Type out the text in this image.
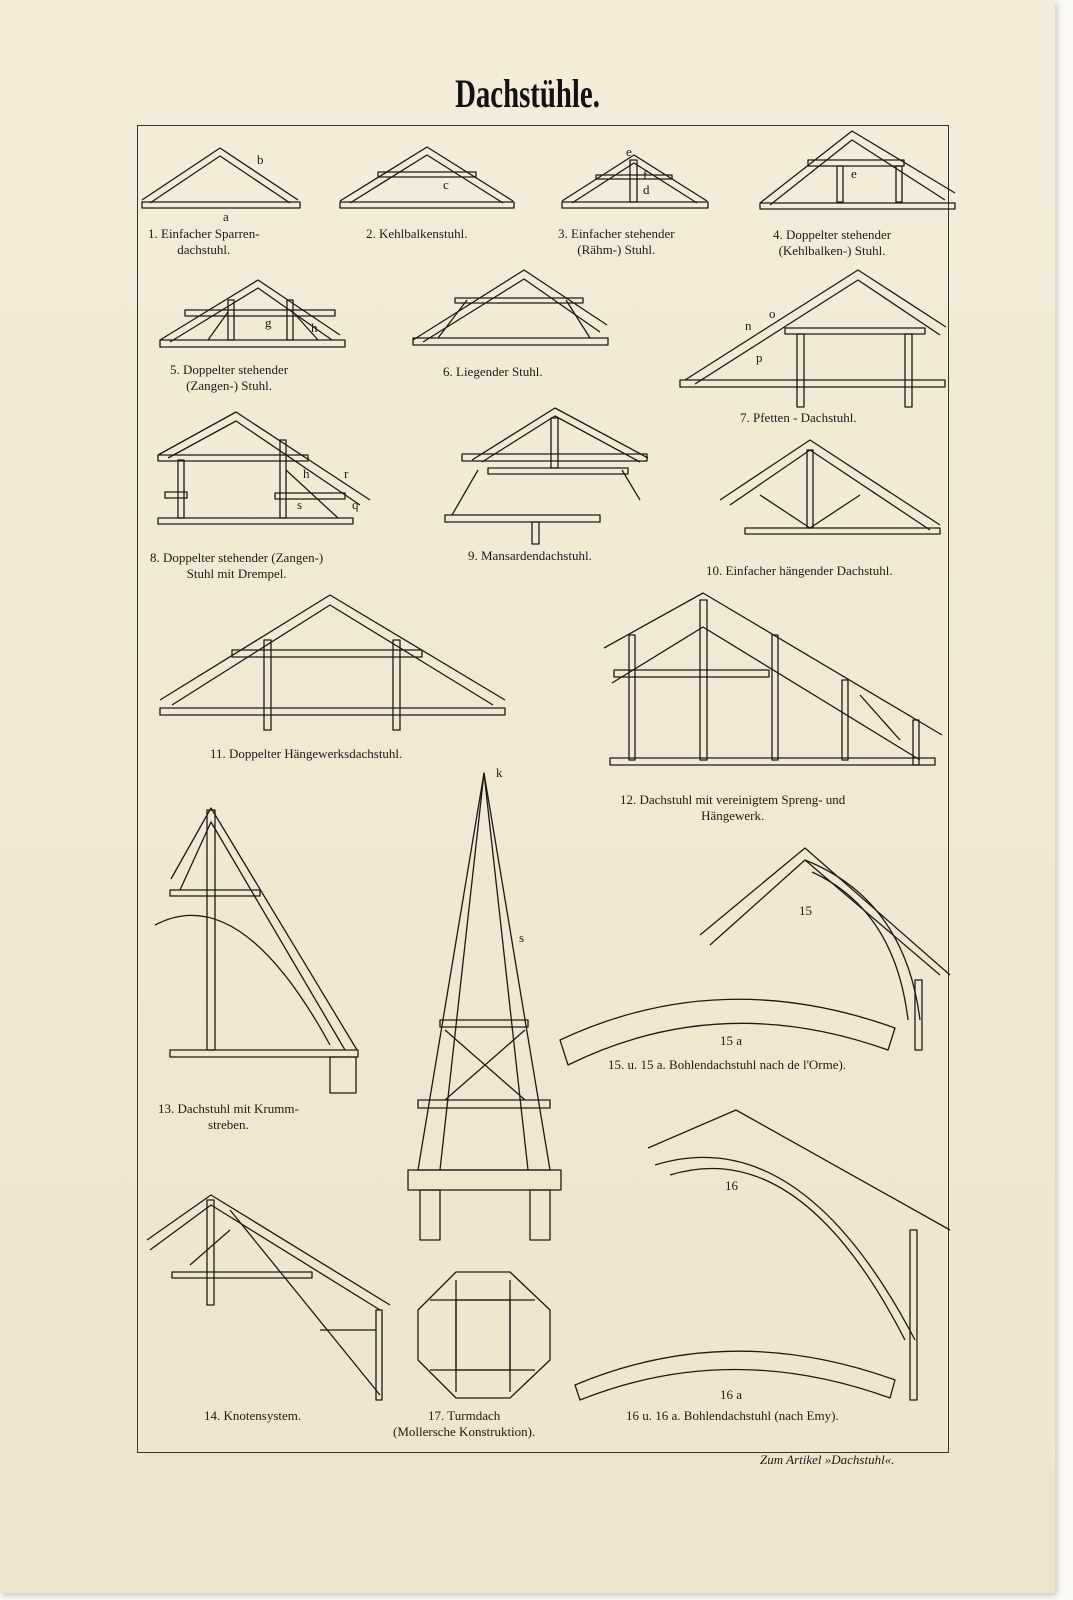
Dachstühle.
1. Einfacher Sparren-
dachstuhl.
2. Kehlbalkenstuhl.	3. Einfacher stehender
(Rähm-) Stuhl.
4. Doppelter stehender
(Kehlbalken-) Stuhl.
5. Doppelter stehender
(Zangen-) Stuhl.
6. Liegender Stuhl.
7. Pfetten - Dachstuhl.
8. Doppelter stehender (Zangen-)
Stuhl mit Drempel.
9. Mansardendachstuhl.
10. Einfacher hängender Dachstuhl.
11. Doppelter Hängewerksdachstuhl.
12. Dachstuhl mit vereinigtem Spreng- und
Hängewerk.
13. Dachstuhl mit Krumm-
streben.
14. Knotensystem.
15. u. 15 a. Bohlendachstuhl nach de l'Orme).
16 u. 16 a. Bohlendachstuhl (nach Emy).
17. Turmdach
(Mollersche Konstruktion).
b
a
c
e
f
d
e
g	h	n
o
p
h	r
s	q
k
s
15
15 a
16
16 a
Zum Artikel »Dachstuhl«.
